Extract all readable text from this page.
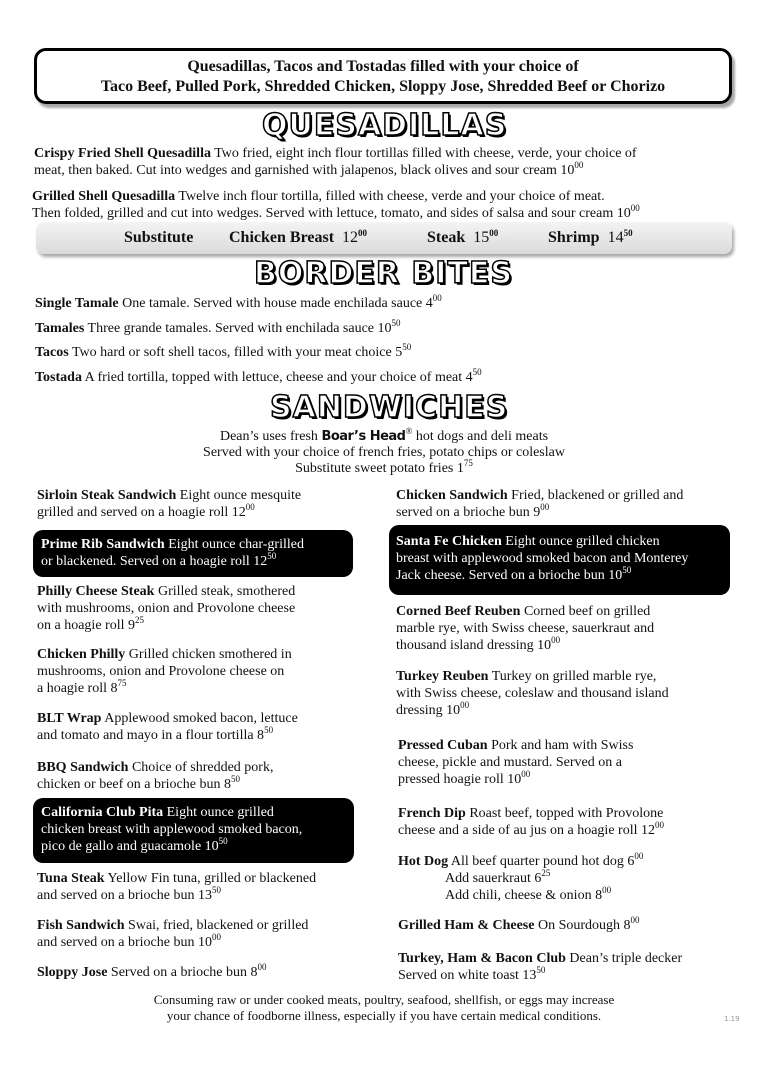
Quesadillas, Tacos and Tostadas filled with your choice of
Taco Beef, Pulled Pork, Shredded Chicken, Sloppy Jose, Shredded Beef or Chorizo
QUESADILLAS
Crispy Fried Shell Quesadilla Two fried, eight inch flour tortillas filled with cheese, verde, your choice of
meat, then baked. Cut into wedges and garnished with jalapenos, black olives and sour cream $10^{00}$
Grilled Shell Quesadilla Twelve inch flour tortilla, filled with cheese, verde and your choice of meat.
Then folded, grilled and cut into wedges. Served with lettuce, tomato, and sides of salsa and sour cream $10^{00}$
Substitute Chicken Breast $12^{00}$	Steak $15^{00}$	Shrimp $14^{50}$
BORDER BITES
Single Tamale One tamale. Served with house made enchilada sauce $4^{00}$
Tamales Three grande tamales. Served with enchilada sauce $10^{50}$
Tacos Two hard or soft shell tacos, filled with your meat choice $5^{50}$
Tostada A fried tortilla, topped with lettuce, cheese and your choice of meat $4^{50}$
SANDWICHES
Dean’s uses fresh Boar’s Head® hot dogs and deli meats
Served with your choice of french fries, potato chips or coleslaw
Substitute sweet potato fries $1^{75}$
Sirloin Steak Sandwich Eight ounce mesquite
grilled and served on a hoagie roll $12^{00}$
Prime Rib Sandwich Eight ounce char-grilled
or blackened. Served on a hoagie roll $12^{50}$
Philly Cheese Steak Grilled steak, smothered
with mushrooms, onion and Provolone cheese
on a hoagie roll $9^{25}$
Chicken Philly Grilled chicken smothered in
mushrooms, onion and Provolone cheese on
a hoagie roll $8^{75}$
BLT Wrap Applewood smoked bacon, lettuce
and tomato and mayo in a flour tortilla $8^{50}$
BBQ Sandwich Choice of shredded pork,
chicken or beef on a brioche bun $8^{50}$
California Club Pita Eight ounce grilled
chicken breast with applewood smoked bacon,
pico de gallo and guacamole $10^{50}$
Tuna Steak Yellow Fin tuna, grilled or blackened
and served on a brioche bun $13^{50}$
Fish Sandwich Swai, fried, blackened or grilled
and served on a brioche bun $10^{00}$
Sloppy Jose Served on a brioche bun $8^{00}$
Chicken Sandwich Fried, blackened or grilled and
served on a brioche bun $9^{00}$
Santa Fe Chicken Eight ounce grilled chicken
breast with applewood smoked bacon and Monterey
Jack cheese. Served on a brioche bun $10^{50}$
Corned Beef Reuben Corned beef on grilled
marble rye, with Swiss cheese, sauerkraut and
thousand island dressing $10^{00}$
Turkey Reuben Turkey on grilled marble rye,
with Swiss cheese, coleslaw and thousand island
dressing $10^{00}$
Pressed Cuban Pork and ham with Swiss
cheese, pickle and mustard. Served on a
pressed hoagie roll $10^{00}$
French Dip Roast beef, topped with Provolone
cheese and a side of au jus on a hoagie roll $12^{00}$
Hot Dog All beef quarter pound hot dog $6^{00}$
Add sauerkraut $6^{25}$
Add chili, cheese & onion $8^{00}$
Grilled Ham & Cheese On Sourdough $8^{00}$
Turkey, Ham & Bacon Club Dean’s triple decker
Served on white toast $13^{50}$
Consuming raw or under cooked meats, poultry, seafood, shellfish, or eggs may increase
your chance of foodborne illness, especially if you have certain medical conditions.	1.19
